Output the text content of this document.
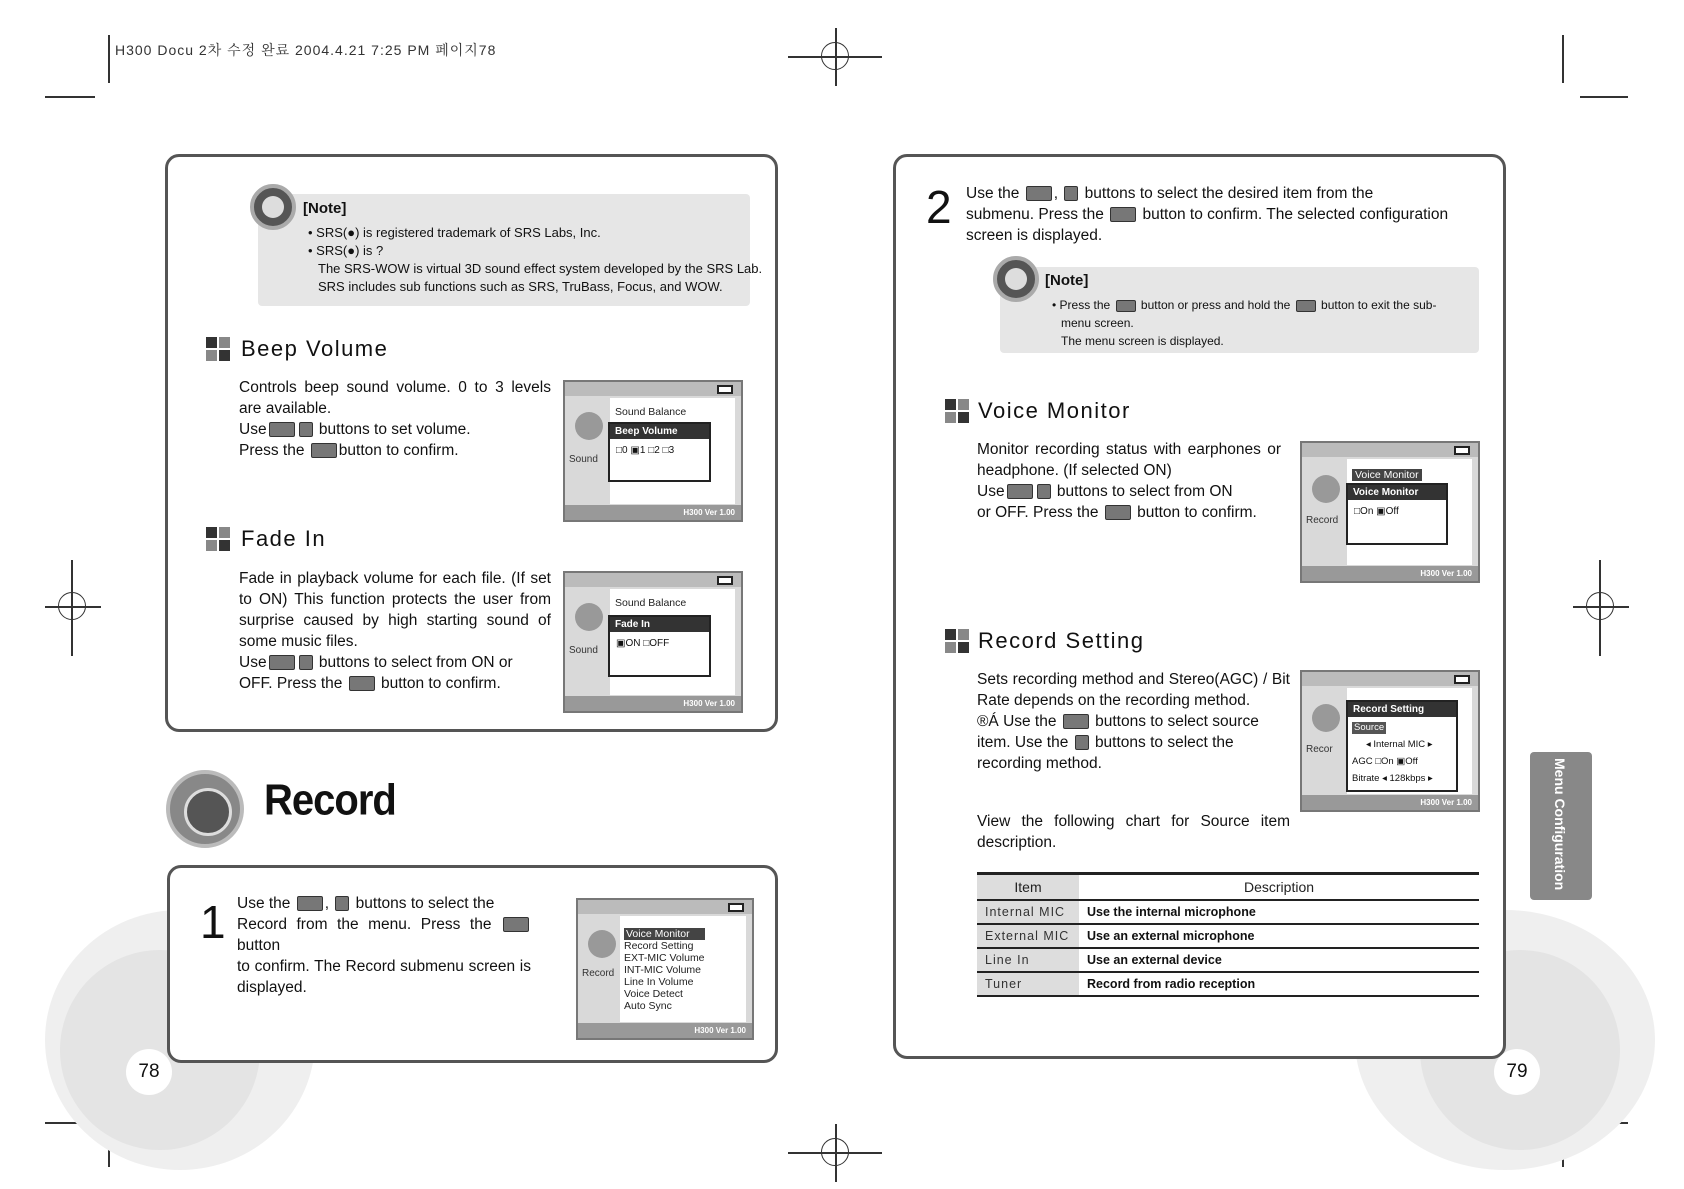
H300 Docu 2차 수정 완료 2004.4.21 7:25 PM 페이지78
[Note]
• SRS(●) is registered trademark of SRS Labs, Inc.
• SRS(●) is ?
The SRS-WOW is virtual 3D sound effect system developed by the SRS Lab.
SRS includes sub functions such as SRS, TruBass, Focus, and WOW.
Beep Volume
Controls beep sound volume. 0 to 3 levels are available.
Use	buttons to set volume.
Press the button to confirm.
Sound
Sound Balance
Beep Volume
□0 ▣1 □2 □3
H300 Ver 1.00
Fade In
Fade in playback volume for each file. (If set to ON) This function protects the user from surprise caused by high starting sound of some music files.
Use	buttons to select from ON or
OFF. Press the button to confirm.
Sound
Sound Balance
Fade In
▣ON □OFF
H300 Ver 1.00
Record
1 Use the ,  buttons to select the
Record from the menu. Press the  button
to confirm. The Record submenu screen is displayed.
Record
Voice Monitor
Record Setting
EXT-MIC Volume
INT-MIC Volume
Line In Volume
Voice Detect
Auto Sync
H300 Ver 1.00
78
2 Use the ,  buttons to select the desired item from the
submenu. Press the button to confirm. The selected configuration
screen is displayed.
[Note]
• Press the	button or press and hold the	button to exit the sub-
menu screen.
The menu screen is displayed.
Voice Monitor
Monitor recording status with earphones or headphone. (If selected ON)
Use	buttons to select from ON
or OFF. Press the button to confirm.	Record
Voice Monitor
Voice Monitor
□On ▣Off
H300 Ver 1.00
Record Setting
Sets recording method and Stereo(AGC) / Bit Rate depends on the recording method.
®Á Use the buttons to select source
item. Use the buttons to select the
recording method.
View the following chart for Source item description.
Recor
Record Setting
Source
◂ Internal MIC ▸
AGC □On ▣Off
Bitrate ◂ 128kbps ▸
H300 Ver 1.00
Item	Description
Internal MIC	Use the internal microphone
External MIC	Use an external microphone
Line In	Use an external device
Tuner	Record from radio reception
Menu Configuration
79
